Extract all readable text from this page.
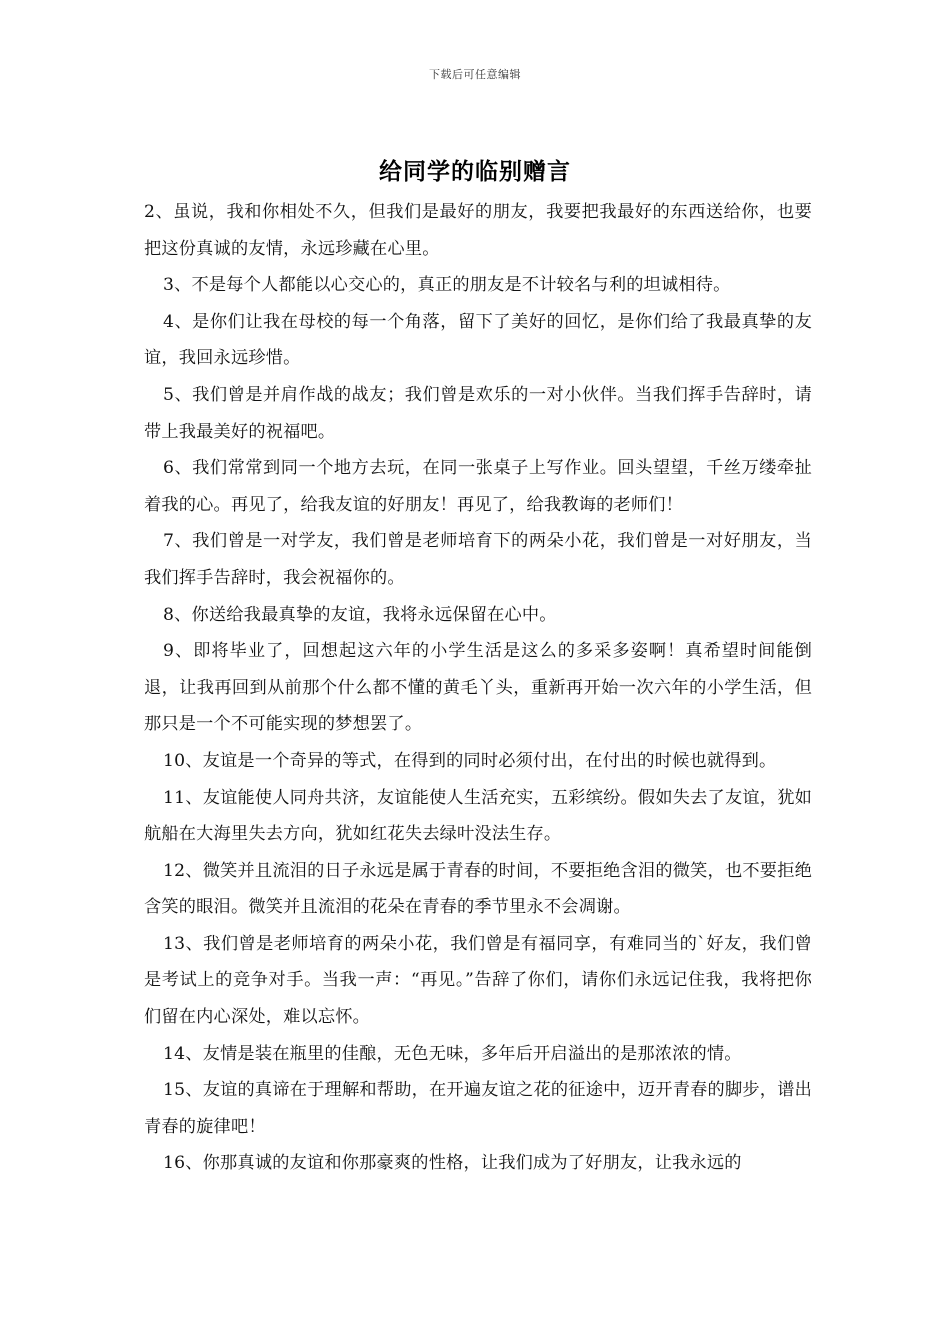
下载后可任意编辑
给同学的临别赠言

2、虽说，我和你相处不久，但我们是最好的朋友，我要把我最好的东西送给你，也要把这份真诚的友情，永远珍藏在心里。

3、不是每个人都能以心交心的，真正的朋友是不计较名与利的坦诚相待。

4、是你们让我在母校的每一个角落，留下了美好的回忆，是你们给了我最真挚的友谊，我回永远珍惜。

5、我们曾是并肩作战的战友；我们曾是欢乐的一对小伙伴。当我们挥手告辞时，请带上我最美好的祝福吧。

6、我们常常到同一个地方去玩，在同一张桌子上写作业。回头望望，千丝万缕牵扯着我的心。再见了，给我友谊的好朋友！再见了，给我教诲的老师们！

7、我们曾是一对学友，我们曾是老师培育下的两朵小花，我们曾是一对好朋友，当我们挥手告辞时，我会祝福你的。

8、你送给我最真挚的友谊，我将永远保留在心中。

9、即将毕业了，回想起这六年的小学生活是这么的多采多姿啊！真希望时间能倒退，让我再回到从前那个什么都不懂的黄毛丫头，重新再开始一次六年的小学生活，但那只是一个不可能实现的梦想罢了。

10、友谊是一个奇异的等式，在得到的同时必须付出，在付出的时候也就得到。

11、友谊能使人同舟共济，友谊能使人生活充实，五彩缤纷。假如失去了友谊，犹如航船在大海里失去方向，犹如红花失去绿叶没法生存。

12、微笑并且流泪的日子永远是属于青春的时间，不要拒绝含泪的微笑，也不要拒绝含笑的眼泪。微笑并且流泪的花朵在青春的季节里永不会凋谢。

13、我们曾是老师培育的两朵小花，我们曾是有福同享，有难同当的`好友，我们曾是考试上的竞争对手。当我一声：“再见。”告辞了你们，请你们永远记住我，我将把你们留在内心深处，难以忘怀。

14、友情是装在瓶里的佳酿，无色无味，多年后开启溢出的是那浓浓的情。

15、友谊的真谛在于理解和帮助，在开遍友谊之花的征途中，迈开青春的脚步，谱出青春的旋律吧！

16、你那真诚的友谊和你那豪爽的性格，让我们成为了好朋友，让我永远的
